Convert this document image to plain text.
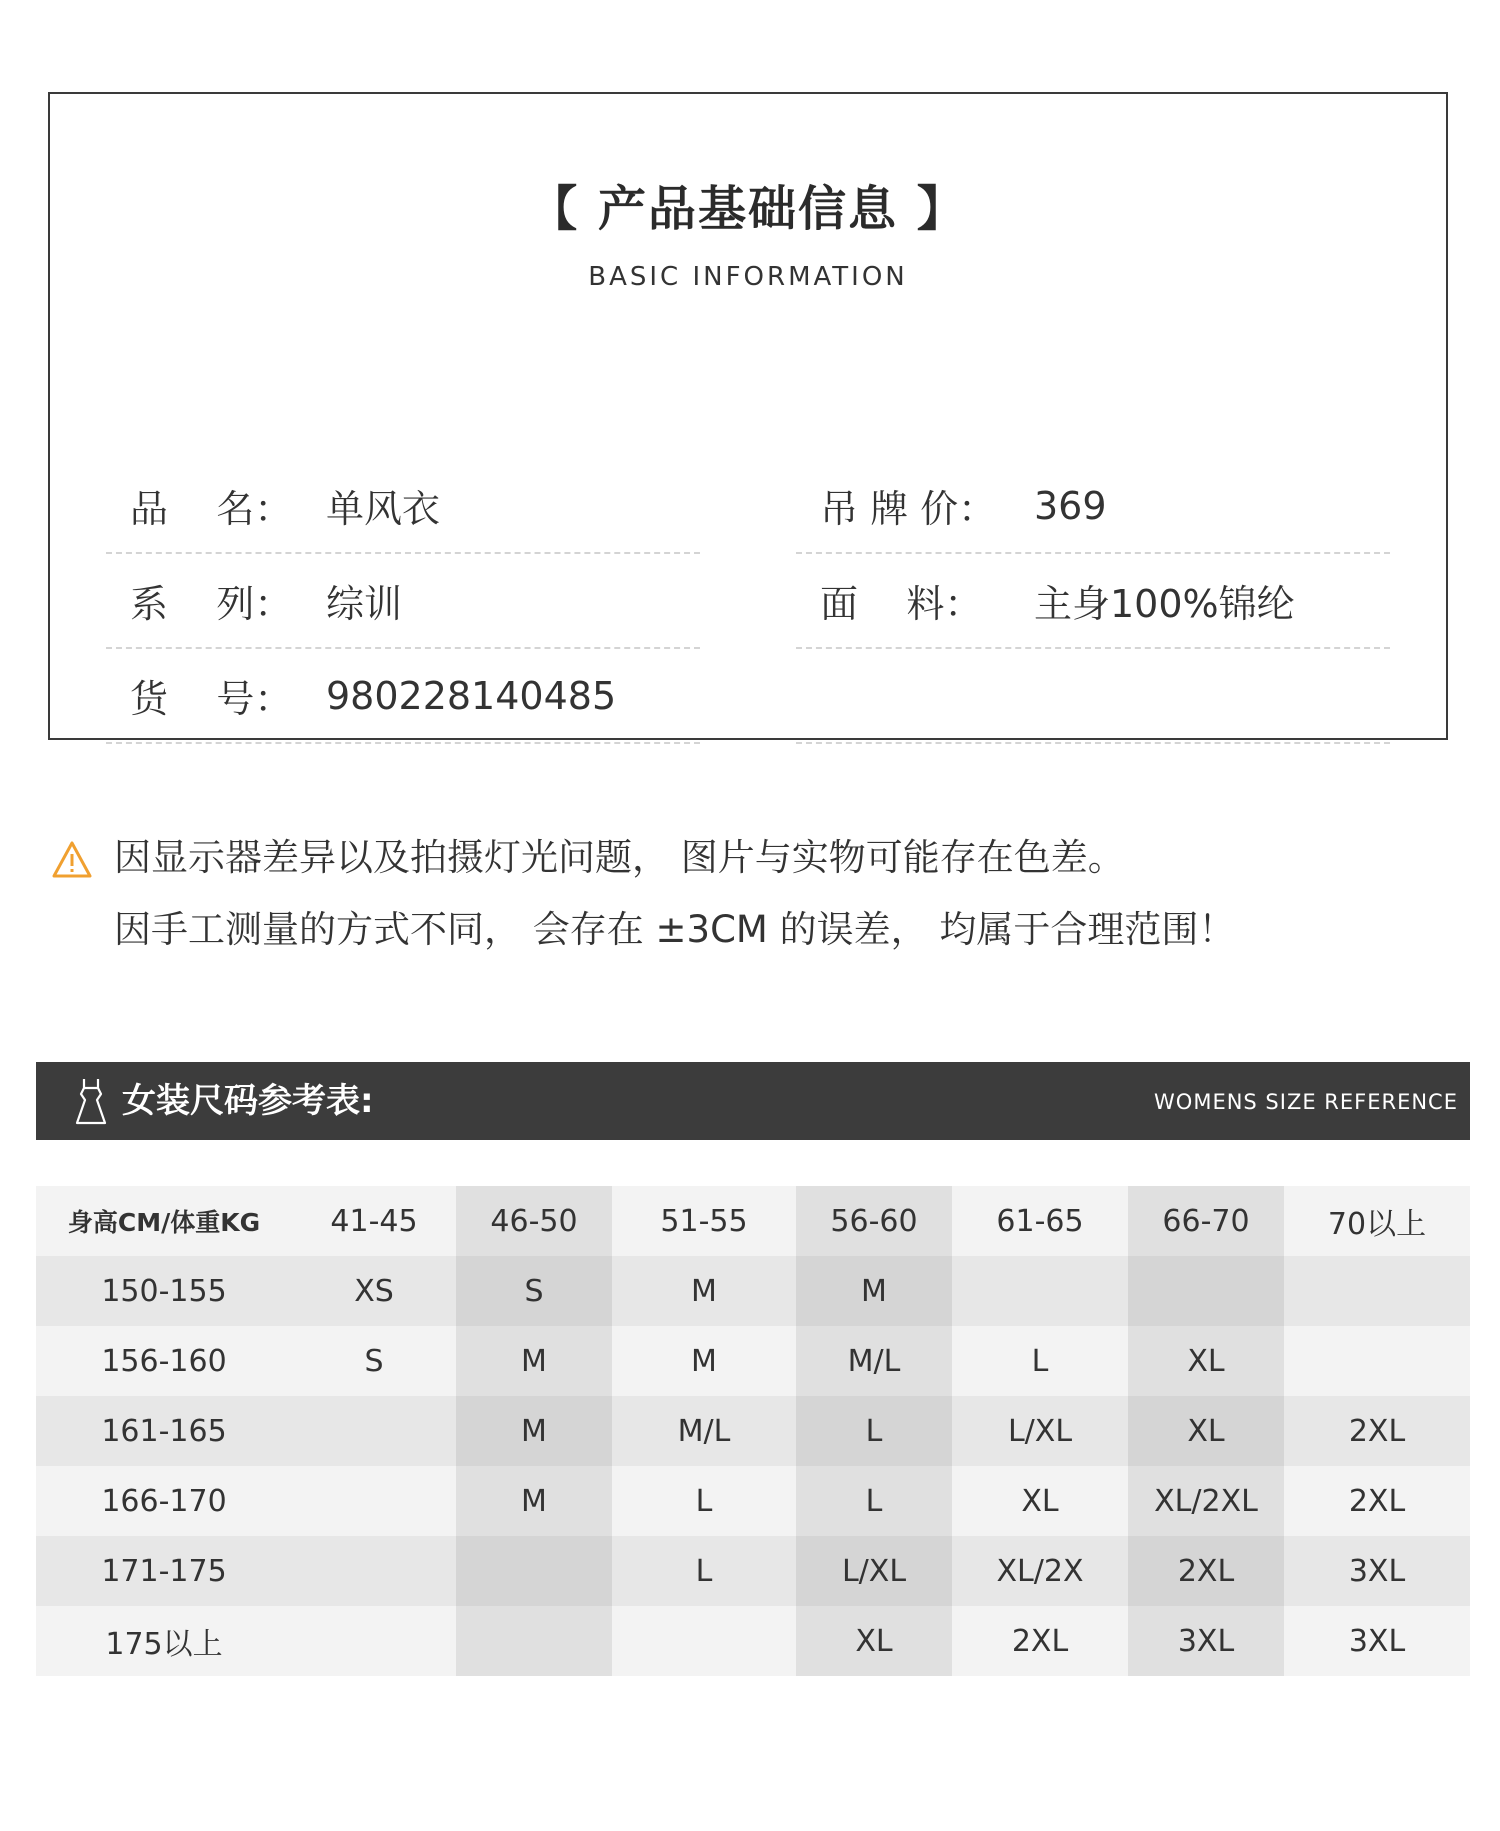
【 产品基础信息 】
BASIC INFORMATION
品    名： 单风衣
系    列： 综训
货    号： 980228140485
吊 牌 价： 369
面    料：	主身100%锦纶
因显示器差异以及拍摄灯光问题， 图片与实物可能存在色差。
因手工测量的方式不同， 会存在 ±3CM 的误差， 均属于合理范围！
女装尺码参考表:	WOMENS SIZE REFERENCE
身高CM/体重KG	41-45	46-50	51-55	56-60	61-65	66-70	70以上
150-155	XS	S	M	M			
156-160	S	M	M	M/L	L	XL	
161-165		M	M/L	L	L/XL	XL	2XL
166-170		M	L	L	XL	XL/2XL	2XL
171-175			L	L/XL	XL/2X	2XL	3XL
175以上				XL	2XL	3XL	3XL
